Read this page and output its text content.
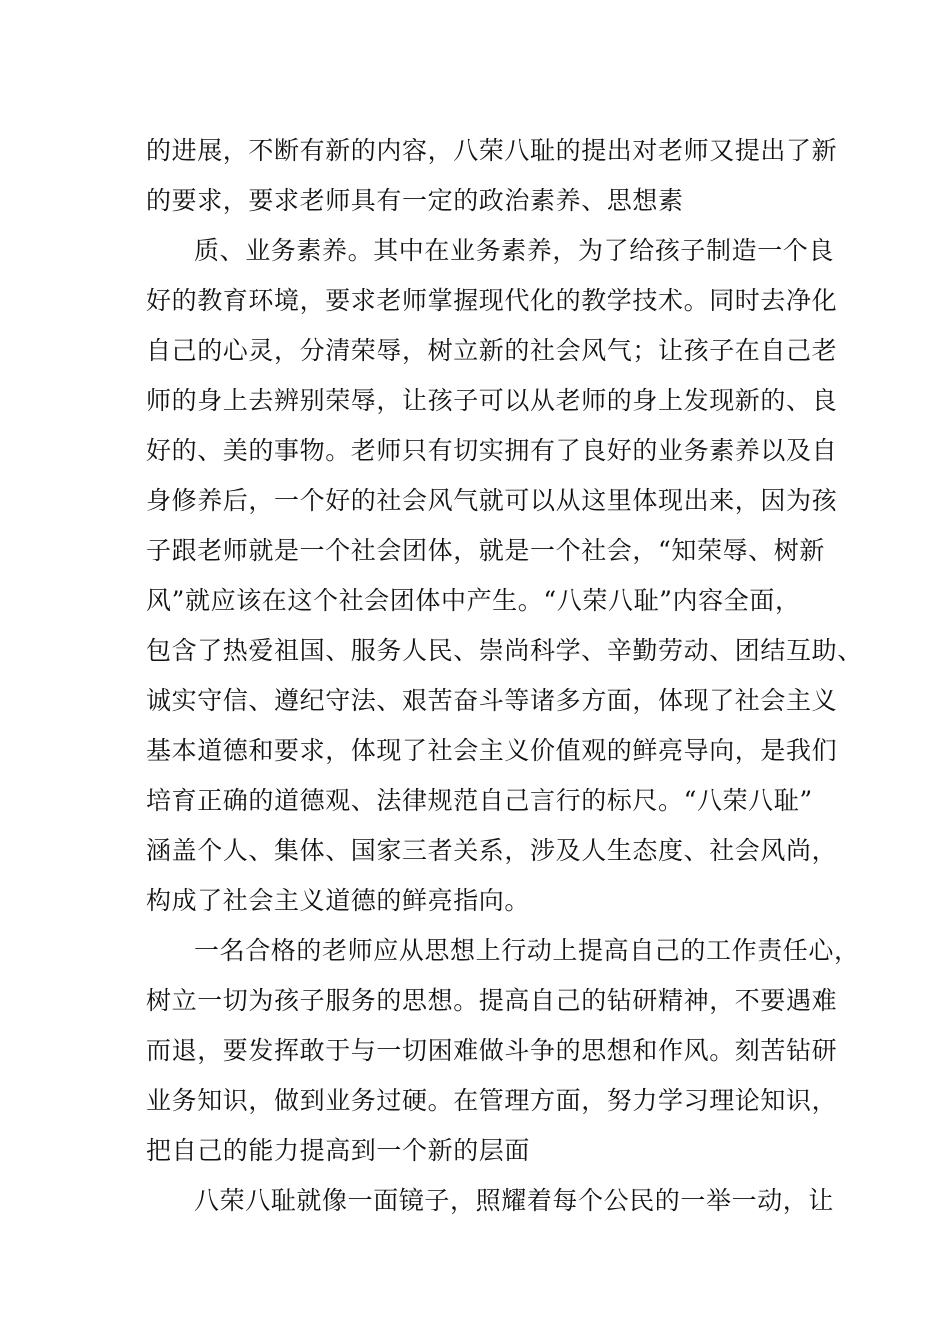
的进展，不断有新的内容，八荣八耻的提出对老师又提出了新
的要求，要求老师具有一定的政治素养、思想素
质、业务素养。其中在业务素养，为了给孩子制造一个良
好的教育环境，要求老师掌握现代化的教学技术。同时去净化
自己的心灵，分清荣辱，树立新的社会风气；让孩子在自己老
师的身上去辨别荣辱，让孩子可以从老师的身上发现新的、良
好的、美的事物。老师只有切实拥有了良好的业务素养以及自
身修养后，一个好的社会风气就可以从这里体现出来，因为孩
子跟老师就是一个社会团体，就是一个社会，“知荣辱、树新
风”就应该在这个社会团体中产生。“八荣八耻”内容全面，
包含了热爱祖国、服务人民、崇尚科学、辛勤劳动、团结互助、
诚实守信、遵纪守法、艰苦奋斗等诸多方面，体现了社会主义
基本道德和要求，体现了社会主义价值观的鲜亮导向，是我们
培育正确的道德观、法律规范自己言行的标尺。“八荣八耻”
涵盖个人、集体、国家三者关系，涉及人生态度、社会风尚，
构成了社会主义道德的鲜亮指向。
一名合格的老师应从思想上行动上提高自己的工作责任心，
树立一切为孩子服务的思想。提高自己的钻研精神，不要遇难
而退，要发挥敢于与一切困难做斗争的思想和作风。刻苦钻研
业务知识，做到业务过硬。在管理方面，努力学习理论知识，
把自己的能力提高到一个新的层面
八荣八耻就像一面镜子，照耀着每个公民的一举一动，让
